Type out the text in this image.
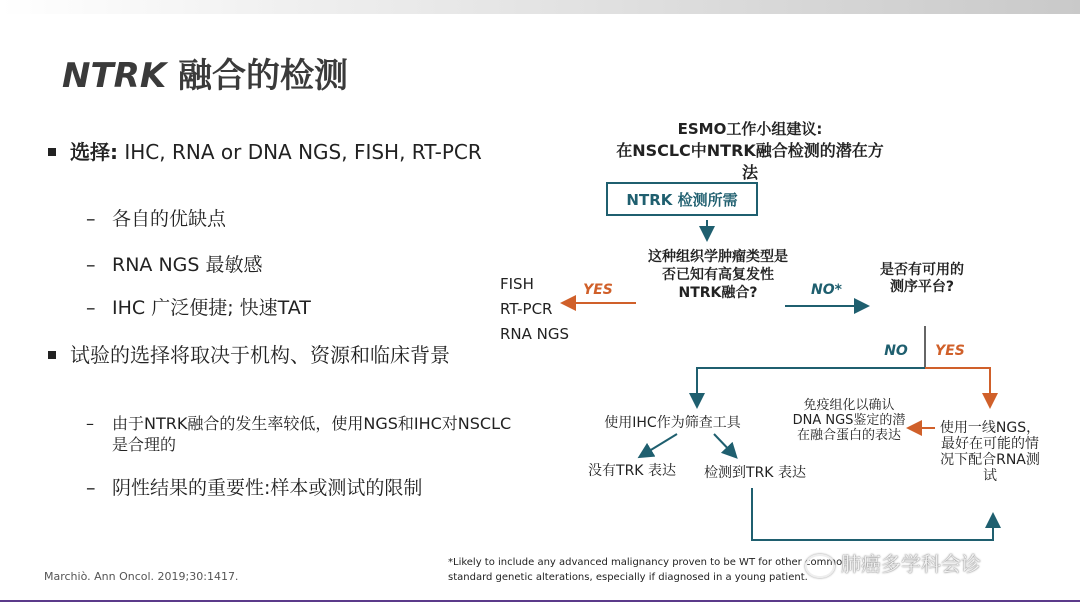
NTRK 融合的检测
选择: IHC, RNA or DNA NGS, FISH, RT-PCR
– 各自的优缺点
– RNA NGS 最敏感
– IHC 广泛便捷; 快速TAT
试验的选择将取决于机构、资源和临床背景
– 由于NTRK融合的发生率较低，使用NGS和IHC对NSCLC是合理的
– 阴性结果的重要性:样本或测试的限制
ESMO工作小组建议:
在NSCLC中NTRK融合检测的潜在方法
NTRK 检测所需
这种组织学肿瘤类型是否已知有高复发性NTRK融合?
YES	NO*
FISH
RT-PCR
RNA NGS
是否有可用的测序平台?
NO	YES
使用IHC作为筛查工具
没有TRK 表达	检测到TRK 表达
免疫组化以确认DNA NGS鉴定的潜在融合蛋白的表达	使用一线NGS，最好在可能的情况下配合RNA测试
Marchiò. Ann Oncol. 2019;30:1417.
*Likely to include any advanced malignancy proven to be WT for other common standard genetic alterations, especially if diagnosed in a young patient.
肺癌多学科会诊
